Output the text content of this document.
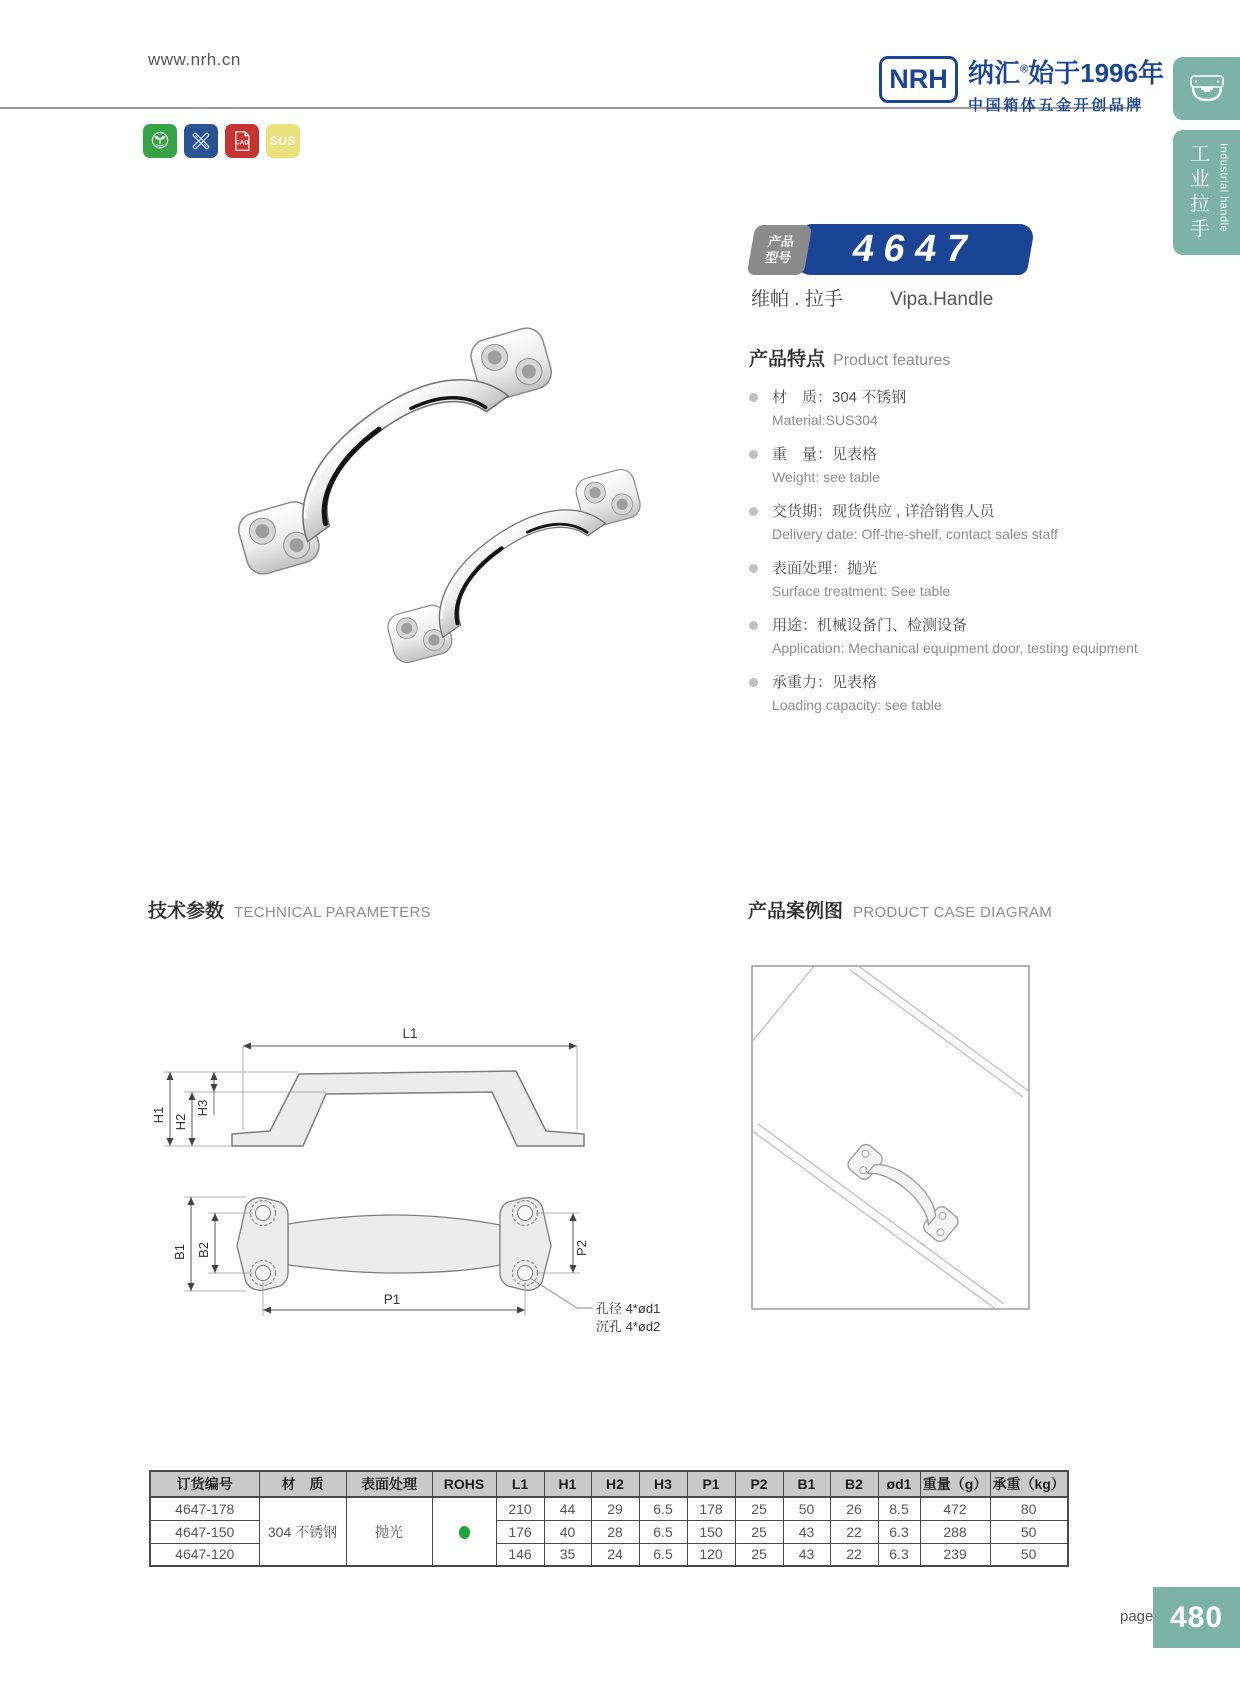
www.nrh.cn
NRH 纳汇®始于1996年
中国箱体五金开创品牌
工业拉手 Industrial handle
CAD SUS
产品
型号 4647
维帕 . 拉手 Vipa.Handle
产品特点 Product features
材　质：304 不锈钢
Material:SUS304
重　量：见表格
Weight: see table
交货期：现货供应 , 详洽销售人员
Delivery date: Off-the-shelf, contact sales staff
表面处理：抛光
Surface treatment: See table
用途：机械设备门、检测设备
Application: Mechanical equipment door, testing equipment
承重力：见表格
Loading capacity: see table
技术参数 TECHNICAL PARAMETERS	产品案例图 PRODUCT CASE DIAGRAM
L1
H1 H2
H3
B1 B2	P2
P1
孔径 4*ød1
沉孔 4*ød2
订货编号	材　质	表面处理	ROHS	L1	H1	H2	H3	P1	P2	B1	B2	ød1	重量（g）	承重（kg）
4647-178	304 不锈钢	抛光		210	44	29	6.5	178	25	50	26	8.5	472	80
4647-150				176	40	28	6.5	150	25	43	22	6.3	288	50
4647-120				146	35	24	6.5	120	25	43	22	6.3	239	50
page 480
